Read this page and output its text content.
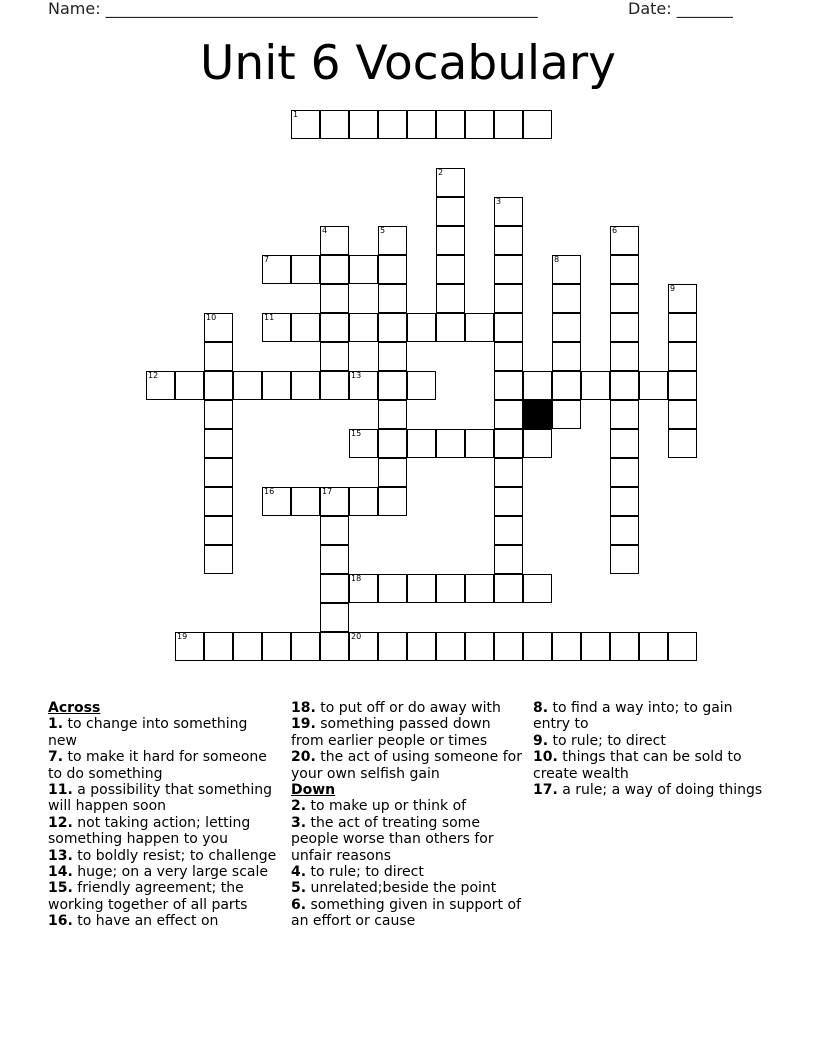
Name: ______________________________________________________	Date: _______
Unit 6 Vocabulary
1
2
3
4	5	6
7	8
9
10	11
12	13
15
16	17
18
19	20
Across
1. to change into something new
7. to make it hard for someone to do something
11. a possibility that something will happen soon
12. not taking action; letting something happen to you
13. to boldly resist; to challenge
14. huge; on a very large scale
15. friendly agreement; the working together of all parts
16. to have an effect on
18. to put off or do away with
19. something passed down from earlier people or times
20. the act of using someone for your own selfish gain
Down
2. to make up or think of
3. the act of treating some people worse than others for unfair reasons
4. to rule; to direct
5. unrelated;beside the point
6. something given in support of an effort or cause
8. to find a way into; to gain entry to
9. to rule; to direct
10. things that can be sold to create wealth
17. a rule; a way of doing things
